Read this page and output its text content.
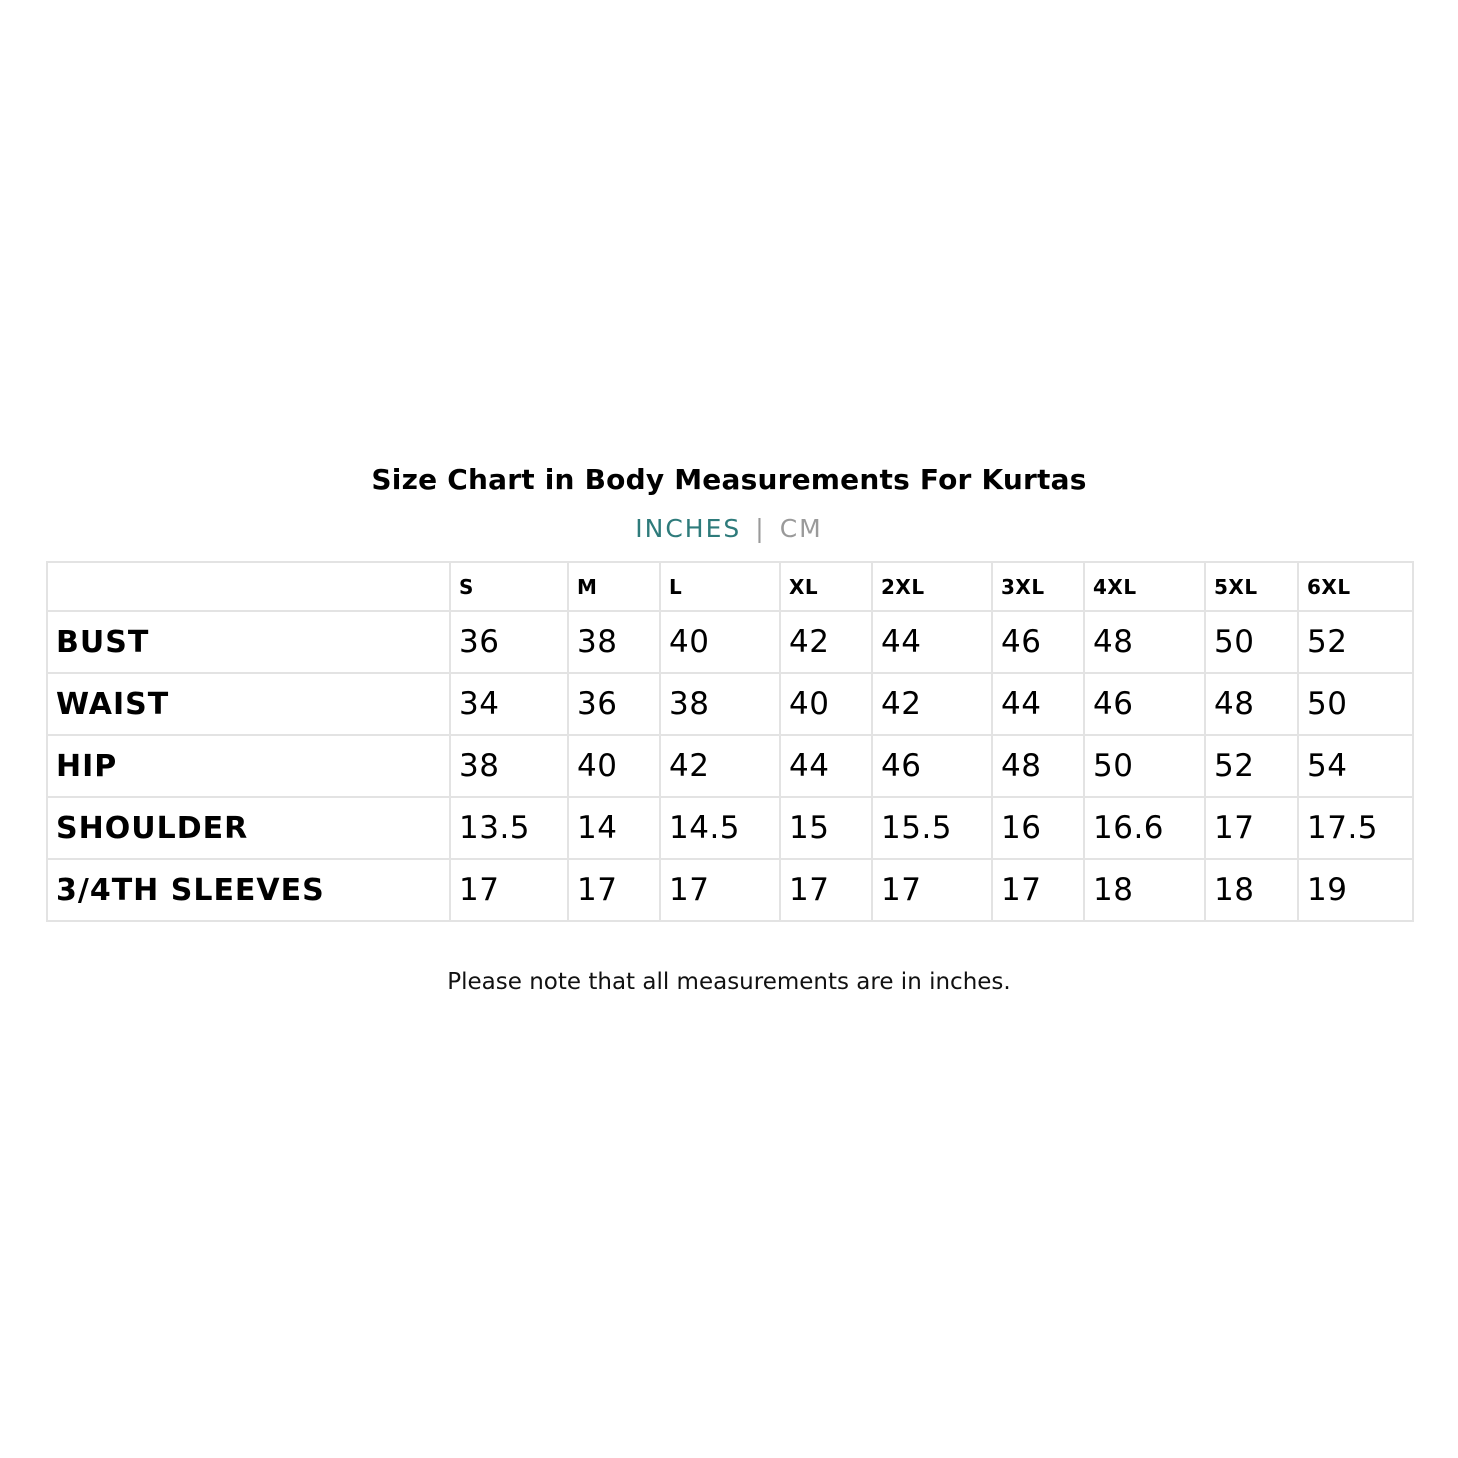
Size Chart in Body Measurements For Kurtas
INCHES | CM
	S	M	L	XL	2XL	3XL	4XL	5XL	6XL
BUST	36	38	40	42	44	46	48	50	52
WAIST	34	36	38	40	42	44	46	48	50
HIP	38	40	42	44	46	48	50	52	54
SHOULDER	13.5	14	14.5	15	15.5	16	16.6	17	17.5
3/4TH SLEEVES	17	17	17	17	17	17	18	18	19
Please note that all measurements are in inches.
